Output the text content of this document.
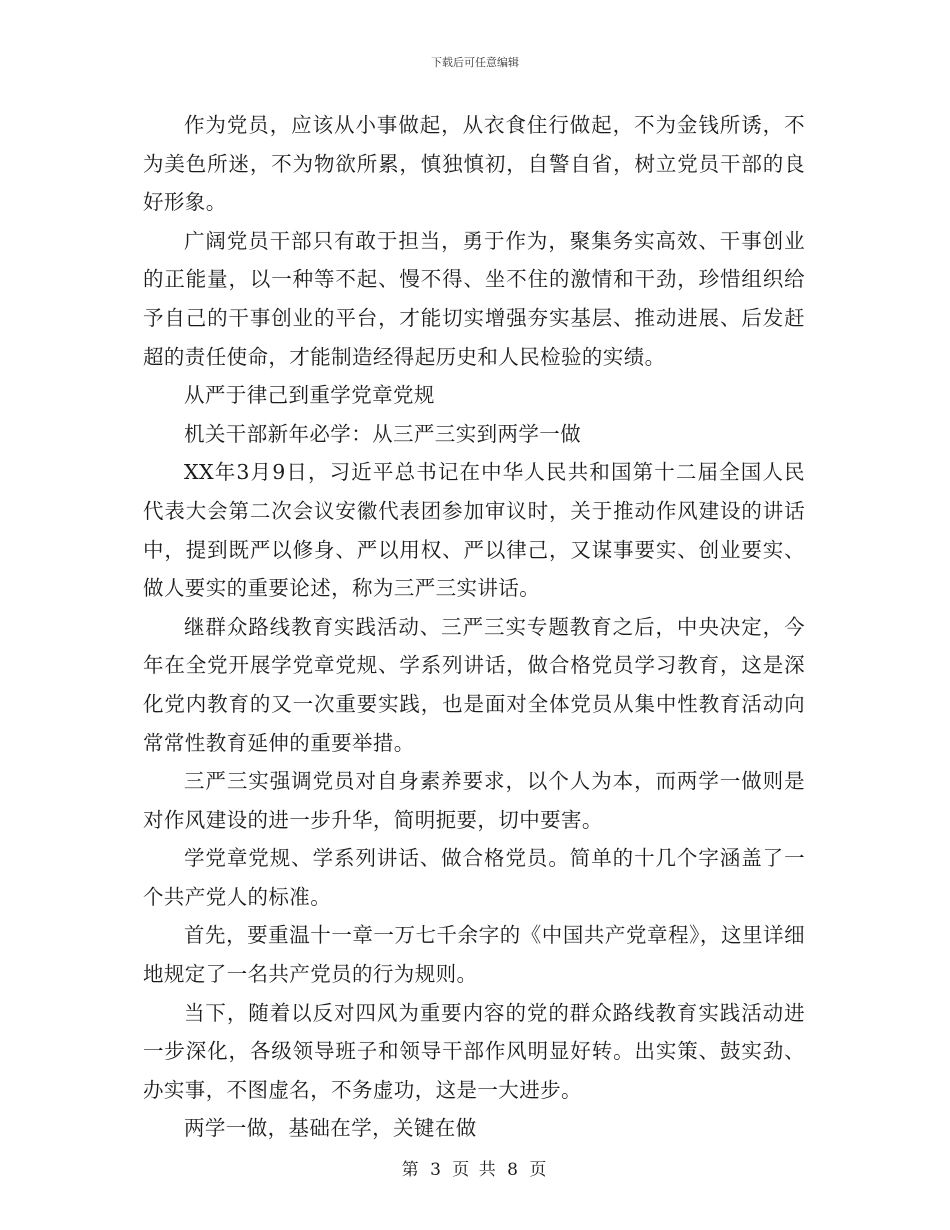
下载后可任意编辑

作为党员，应该从小事做起，从衣食住行做起，不为金钱所诱，不为美色所迷，不为物欲所累，慎独慎初，自警自省，树立党员干部的良好形象。

广阔党员干部只有敢于担当，勇于作为，聚集务实高效、干事创业的正能量，以一种等不起、慢不得、坐不住的激情和干劲，珍惜组织给予自己的干事创业的平台，才能切实增强夯实基层、推动进展、后发赶超的责任使命，才能制造经得起历史和人民检验的实绩。

从严于律己到重学党章党规

机关干部新年必学：从三严三实到两学一做

XX年3月9日，习近平总书记在中华人民共和国第十二届全国人民代表大会第二次会议安徽代表团参加审议时，关于推动作风建设的讲话中，提到既严以修身、严以用权、严以律己，又谋事要实、创业要实、做人要实的重要论述，称为三严三实讲话。

继群众路线教育实践活动、三严三实专题教育之后，中央决定，今年在全党开展学党章党规、学系列讲话，做合格党员学习教育，这是深化党内教育的又一次重要实践，也是面对全体党员从集中性教育活动向常常性教育延伸的重要举措。

三严三实强调党员对自身素养要求，以个人为本，而两学一做则是对作风建设的进一步升华，简明扼要，切中要害。

学党章党规、学系列讲话、做合格党员。简单的十几个字涵盖了一个共产党人的标准。

首先，要重温十一章一万七千余字的《中国共产党章程》，这里详细地规定了一名共产党员的行为规则。

当下，随着以反对四风为重要内容的党的群众路线教育实践活动进一步深化，各级领导班子和领导干部作风明显好转。出实策、鼓实劲、办实事，不图虚名，不务虚功，这是一大进步。

两学一做，基础在学，关键在做

第 3 页 共 8 页
